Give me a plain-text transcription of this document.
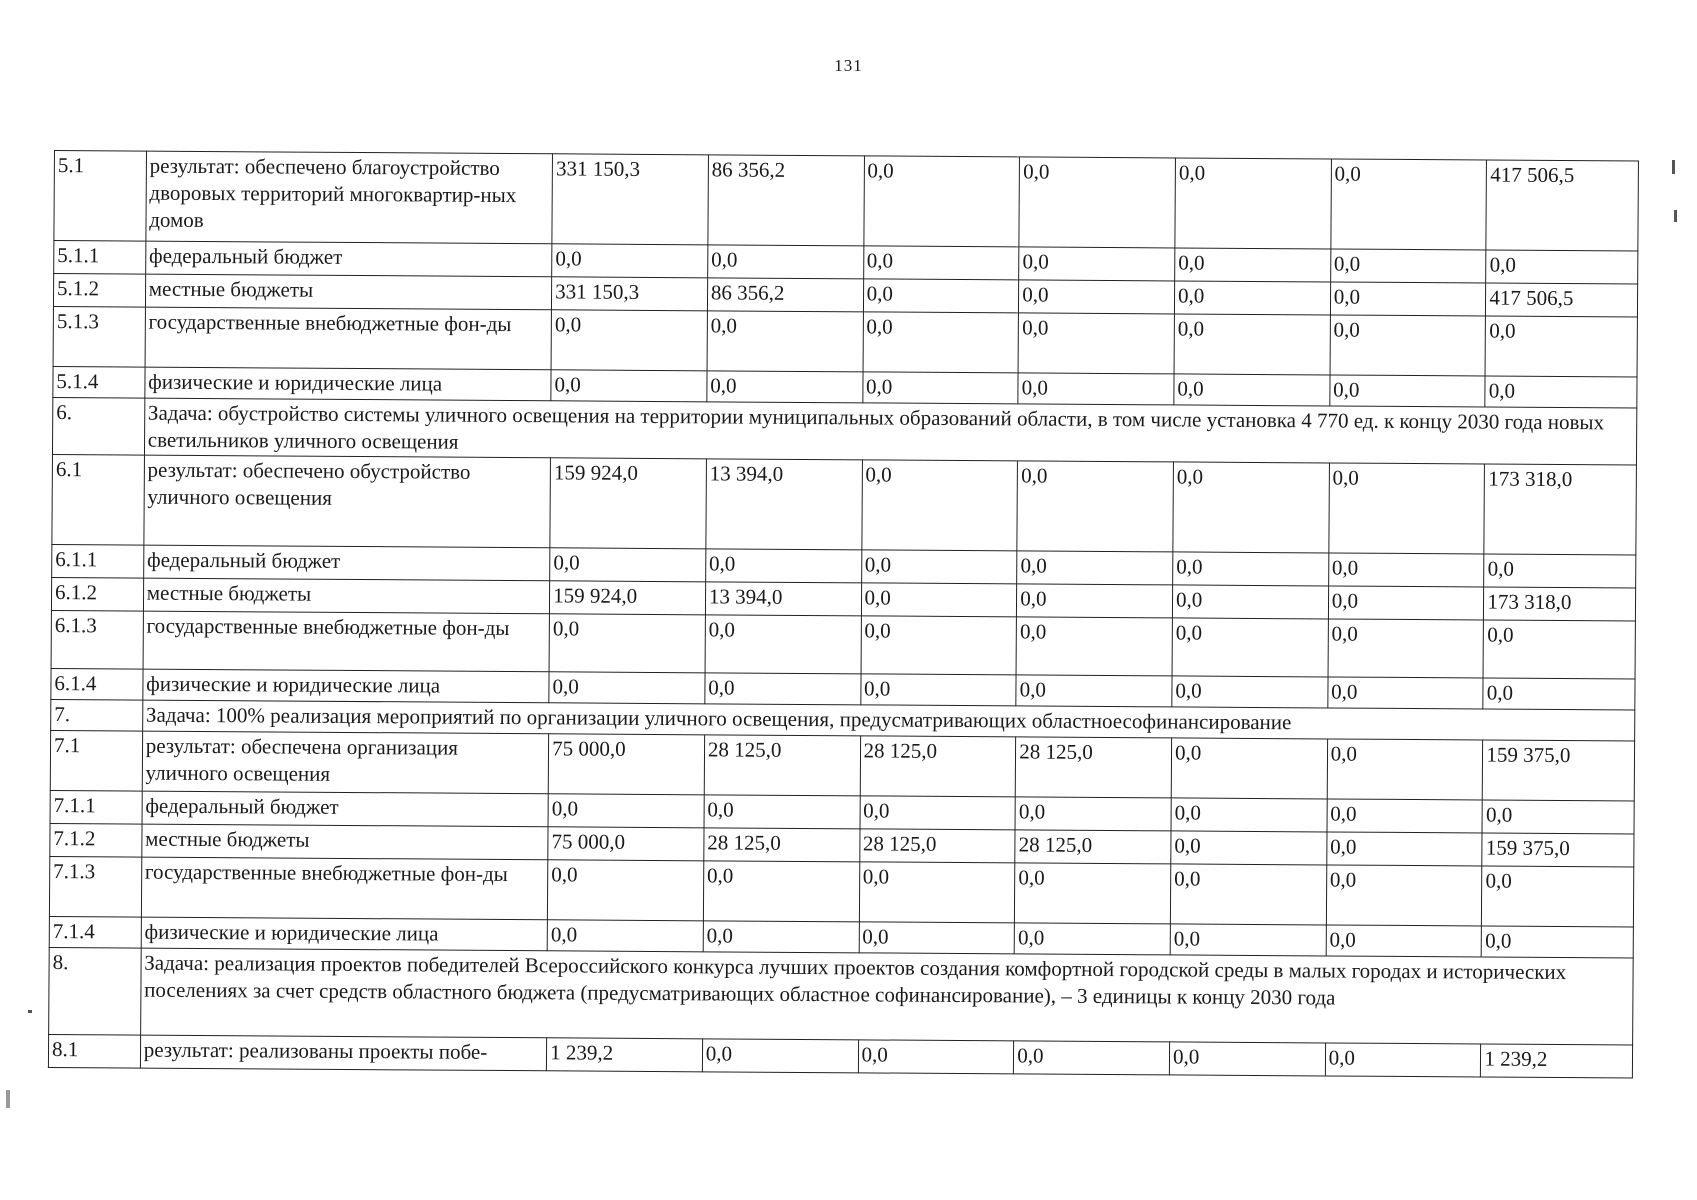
131
5.1	результат: обеспечено благоустройство дворовых территорий многоквартир-ных домов	331 150,3	86 356,2	0,0	0,0	0,0	0,0	417 506,5
5.1.1	федеральный бюджет	0,0	0,0	0,0	0,0	0,0	0,0	0,0
5.1.2	местные бюджеты	331 150,3	86 356,2	0,0	0,0	0,0	0,0	417 506,5
5.1.3	государственные внебюджетные фон-ды	0,0	0,0	0,0	0,0	0,0	0,0	0,0
5.1.4	физические и юридические лица	0,0	0,0	0,0	0,0	0,0	0,0	0,0
6.	Задача: обустройство системы уличного освещения на территории муниципальных образований области, в том числе установка 4 770 ед. к концу 2030 года новых светильников уличного освещения							
6.1	результат: обеспечено обустройство уличного освещения	159 924,0	13 394,0	0,0	0,0	0,0	0,0	173 318,0
6.1.1	федеральный бюджет	0,0	0,0	0,0	0,0	0,0	0,0	0,0
6.1.2	местные бюджеты	159 924,0	13 394,0	0,0	0,0	0,0	0,0	173 318,0
6.1.3	государственные внебюджетные фон-ды	0,0	0,0	0,0	0,0	0,0	0,0	0,0
6.1.4	физические и юридические лица	0,0	0,0	0,0	0,0	0,0	0,0	0,0
7.	Задача: 100% реализация мероприятий по организации уличного освещения, предусматривающих областноесофинансирование							
7.1	результат: обеспечена организация уличного освещения	75 000,0	28 125,0	28 125,0	28 125,0	0,0	0,0	159 375,0
7.1.1	федеральный бюджет	0,0	0,0	0,0	0,0	0,0	0,0	0,0
7.1.2	местные бюджеты	75 000,0	28 125,0	28 125,0	28 125,0	0,0	0,0	159 375,0
7.1.3	государственные внебюджетные фон-ды	0,0	0,0	0,0	0,0	0,0	0,0	0,0
7.1.4	физические и юридические лица	0,0	0,0	0,0	0,0	0,0	0,0	0,0
8.	Задача: реализация проектов победителей Всероссийского конкурса лучших проектов создания комфортной городской среды в малых городах и исторических поселениях за счет средств областного бюджета (предусматривающих областное софинансирование), – 3 единицы к концу 2030 года							
8.1	результат: реализованы проекты побе-	1 239,2	0,0	0,0	0,0	0,0	0,0	1 239,2
